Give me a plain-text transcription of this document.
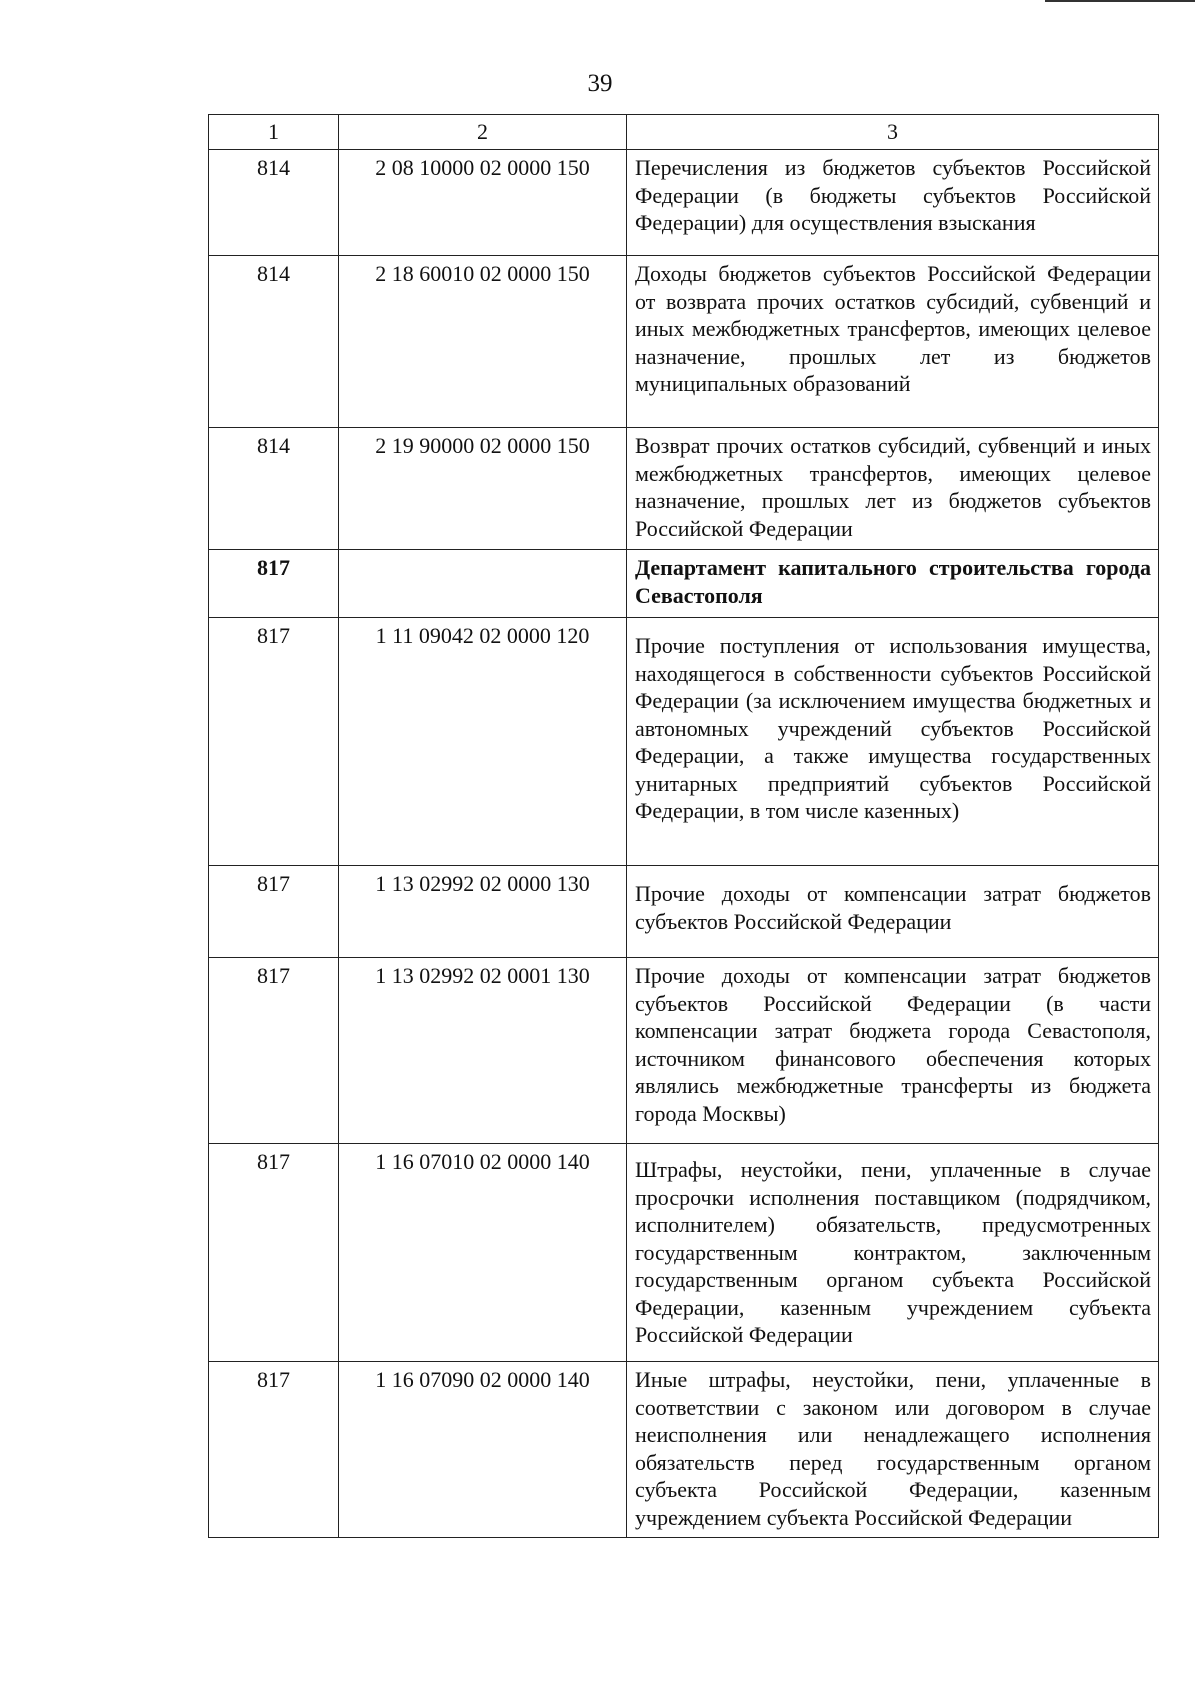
39
1	2	3
814	2 08 10000 02 0000 150	Перечисления из бюджетов субъектов Российской Федерации (в бюджеты субъектов Российской Федерации) для осуществления взыскания
814	2 18 60010 02 0000 150	Доходы бюджетов субъектов Российской Федерации от возврата прочих остатков субсидий, субвенций и иных межбюджетных трансфертов, имеющих целевое назначение, прошлых лет из бюджетов муниципальных образований
814	2 19 90000 02 0000 150	Возврат прочих остатков субсидий, субвенций и иных межбюджетных трансфертов, имеющих целевое назначение, прошлых лет из бюджетов субъектов Российской Федерации
817		Департамент капитального строительства города Севастополя
817	1 11 09042 02 0000 120	Прочие поступления от использования имущества, находящегося в собственности субъектов Российской Федерации (за исключением имущества бюджетных и автономных учреждений субъектов Российской Федерации, а также имущества государственных унитарных предприятий субъектов Российской Федерации, в том числе казенных)
817	1 13 02992 02 0000 130	Прочие доходы от компенсации затрат бюджетов субъектов Российской Федерации
817	1 13 02992 02 0001 130	Прочие доходы от компенсации затрат бюджетов субъектов Российской Федерации (в части компенсации затрат бюджета города Севастополя, источником финансового обеспечения которых являлись межбюджетные трансферты из бюджета города Москвы)
817	1 16 07010 02 0000 140	Штрафы, неустойки, пени, уплаченные в случае просрочки исполнения поставщиком (подрядчиком, исполнителем) обязательств, предусмотренных государственным контрактом, заключенным государственным органом субъекта Российской Федерации, казенным учреждением субъекта Российской Федерации
817	1 16 07090 02 0000 140	Иные штрафы, неустойки, пени, уплаченные в соответствии с законом или договором в случае неисполнения или ненадлежащего исполнения обязательств перед государственным органом субъекта Российской Федерации, казенным учреждением субъекта Российской Федерации
